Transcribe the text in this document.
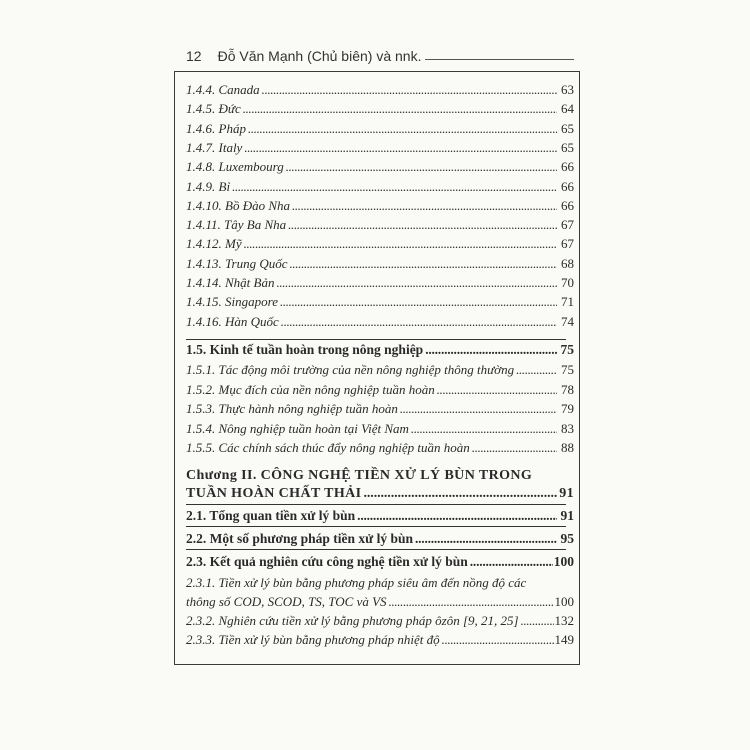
12 Đỗ Văn Mạnh (Chủ biên) và nnk.
1.4.4. Canada . . .	63
1.4.5. Đức . . .	64
1.4.6. Pháp . . .	65
1.4.7. Italy . . .	65
1.4.8. Luxembourg . . .	66
1.4.9. Bỉ . . .	66
1.4.10. Bồ Đào Nha . . .	66
1.4.11. Tây Ba Nha . . .	67
1.4.12. Mỹ . . .	67
1.4.13. Trung Quốc . . .	68
1.4.14. Nhật Bản . . .	70
1.4.15. Singapore . . .	71
1.4.16. Hàn Quốc . . .	74
1.5. Kinh tế tuần hoàn trong nông nghiệp . . .	75
1.5.1. Tác động môi trường của nền nông nghiệp thông thường . . .	75
1.5.2. Mục đích của nền nông nghiệp tuần hoàn . . .	78
1.5.3. Thực hành nông nghiệp tuần hoàn . . .	79
1.5.4. Nông nghiệp tuần hoàn tại Việt Nam . . .	83
1.5.5. Các chính sách thúc đẩy nông nghiệp tuần hoàn . . .	88
Chương II. CÔNG NGHỆ TIỀN XỬ LÝ BÙN TRONG
TUẦN HOÀN CHẤT THẢI . . .	91
2.1. Tổng quan tiền xử lý bùn . . .	91
2.2. Một số phương pháp tiền xử lý bùn . . .	95
2.3. Kết quả nghiên cứu công nghệ tiền xử lý bùn . . .	100
2.3.1. Tiền xử lý bùn bằng phương pháp siêu âm đến nồng độ các
thông số COD, SCOD, TS, TOC và VS . . .	100
2.3.2. Nghiên cứu tiền xử lý bằng phương pháp ôzôn [9, 21, 25] . . .	132
2.3.3. Tiền xử lý bùn bằng phương pháp nhiệt độ . . .	149
